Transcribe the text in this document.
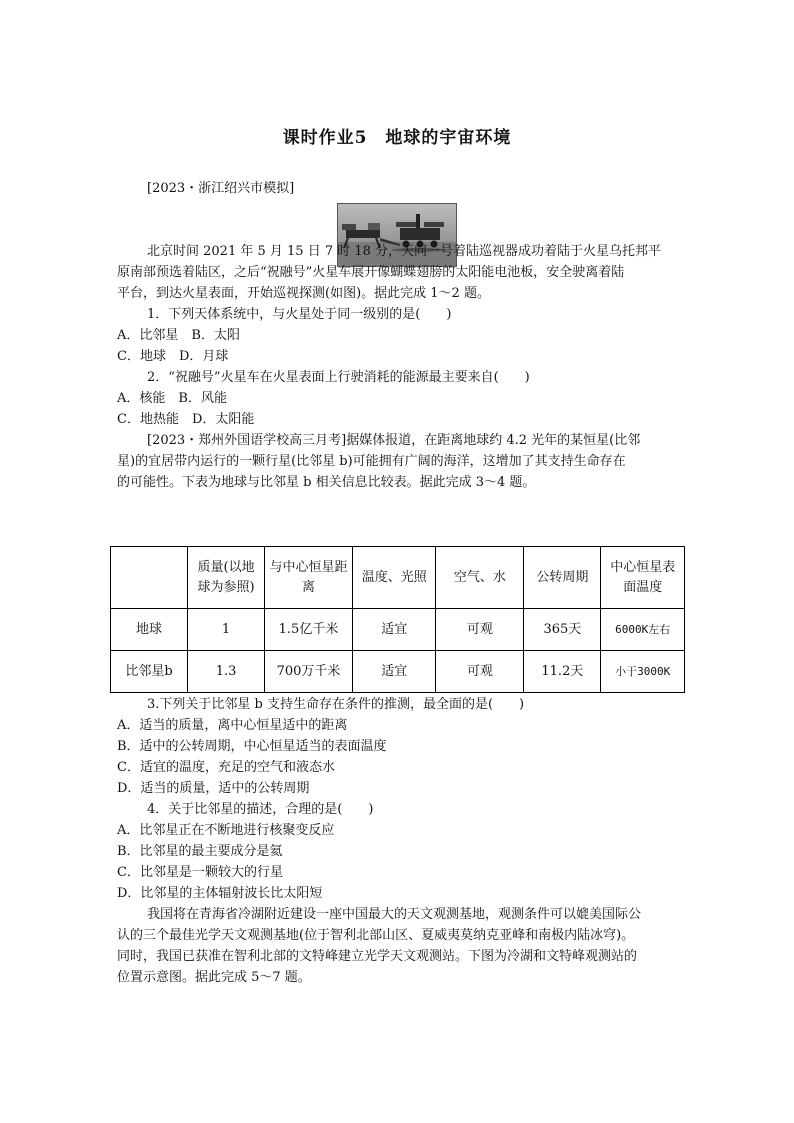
课时作业5　地球的宇宙环境
[2023・浙江绍兴市模拟]
北京时间 2021 年 5 月 15 日 7 时 18 分，天问一号着陆巡视器成功着陆于火星乌托邦平
原南部预选着陆区，之后“祝融号”火星车展开像蝴蝶翅膀的太阳能电池板，安全驶离着陆
平台，到达火星表面，开始巡视探测(如图)。据此完成 1～2 题。
1．下列天体系统中，与火星处于同一级别的是(　　)
A．比邻星　B．太阳
C．地球　D．月球
2．“祝融号”火星车在火星表面上行驶消耗的能源最主要来自(　　)
A．核能　B．风能
C．地热能　D．太阳能
[2023・郑州外国语学校高三月考]据媒体报道，在距离地球约 4.2 光年的某恒星(比邻
星)的宜居带内运行的一颗行星(比邻星 b)可能拥有广阔的海洋，这增加了其支持生命存在
的可能性。下表为地球与比邻星 b 相关信息比较表。据此完成 3～4 题。
	质量(以地球为参照)	与中心恒星距离	温度、光照	空气、水	公转周期	中心恒星表面温度
地球	1	1.5亿千米	适宜	可观	365天	6000K左右
比邻星b	1.3	700万千米	适宜	可观	11.2天	小于3000K
3.下列关于比邻星 b 支持生命存在条件的推测，最全面的是(　　)
A．适当的质量，离中心恒星适中的距离
B．适中的公转周期，中心恒星适当的表面温度
C．适宜的温度，充足的空气和液态水
D．适当的质量，适中的公转周期
4．关于比邻星的描述，合理的是(　　)
A．比邻星正在不断地进行核聚变反应
B．比邻星的最主要成分是氦
C．比邻星是一颗较大的行星
D．比邻星的主体辐射波长比太阳短
我国将在青海省冷湖附近建设一座中国最大的天文观测基地，观测条件可以媲美国际公
认的三个最佳光学天文观测基地(位于智利北部山区、夏威夷莫纳克亚峰和南极内陆冰穹)。
同时，我国已获准在智利北部的文特峰建立光学天文观测站。下图为冷湖和文特峰观测站的
位置示意图。据此完成 5～7 题。
